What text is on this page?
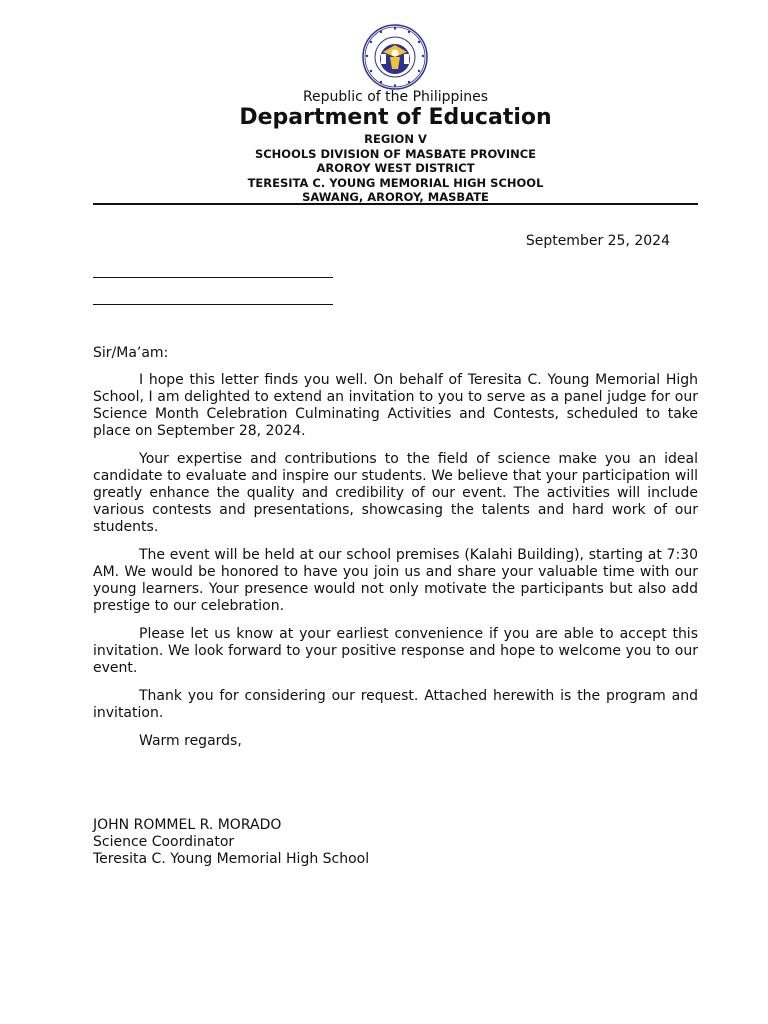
Republic of the Philippines
Department of Education
REGION V
SCHOOLS DIVISION OF MASBATE PROVINCE
AROROY WEST DISTRICT
TERESITA C. YOUNG MEMORIAL HIGH SCHOOL
SAWANG, AROROY, MASBATE
September 25, 2024
Sir/Ma’am:

I hope this letter finds you well. On behalf of Teresita C. Young Memorial High School, I am delighted to extend an invitation to you to serve as a panel judge for our Science Month Celebration Culminating Activities and Contests, scheduled to take place on September 28, 2024.

Your expertise and contributions to the field of science make you an ideal candidate to evaluate and inspire our students. We believe that your participation will greatly enhance the quality and credibility of our event. The activities will include various contests and presentations, showcasing the talents and hard work of our students.

The event will be held at our school premises (Kalahi Building), starting at 7:30 AM. We would be honored to have you join us and share your valuable time with our young learners. Your presence would not only motivate the participants but also add prestige to our celebration.

Please let us know at your earliest convenience if you are able to accept this invitation. We look forward to your positive response and hope to welcome you to our event.

Thank you for considering our request. Attached herewith is the program and invitation.

Warm regards,
JOHN ROMMEL R. MORADO
Science Coordinator
Teresita C. Young Memorial High School
